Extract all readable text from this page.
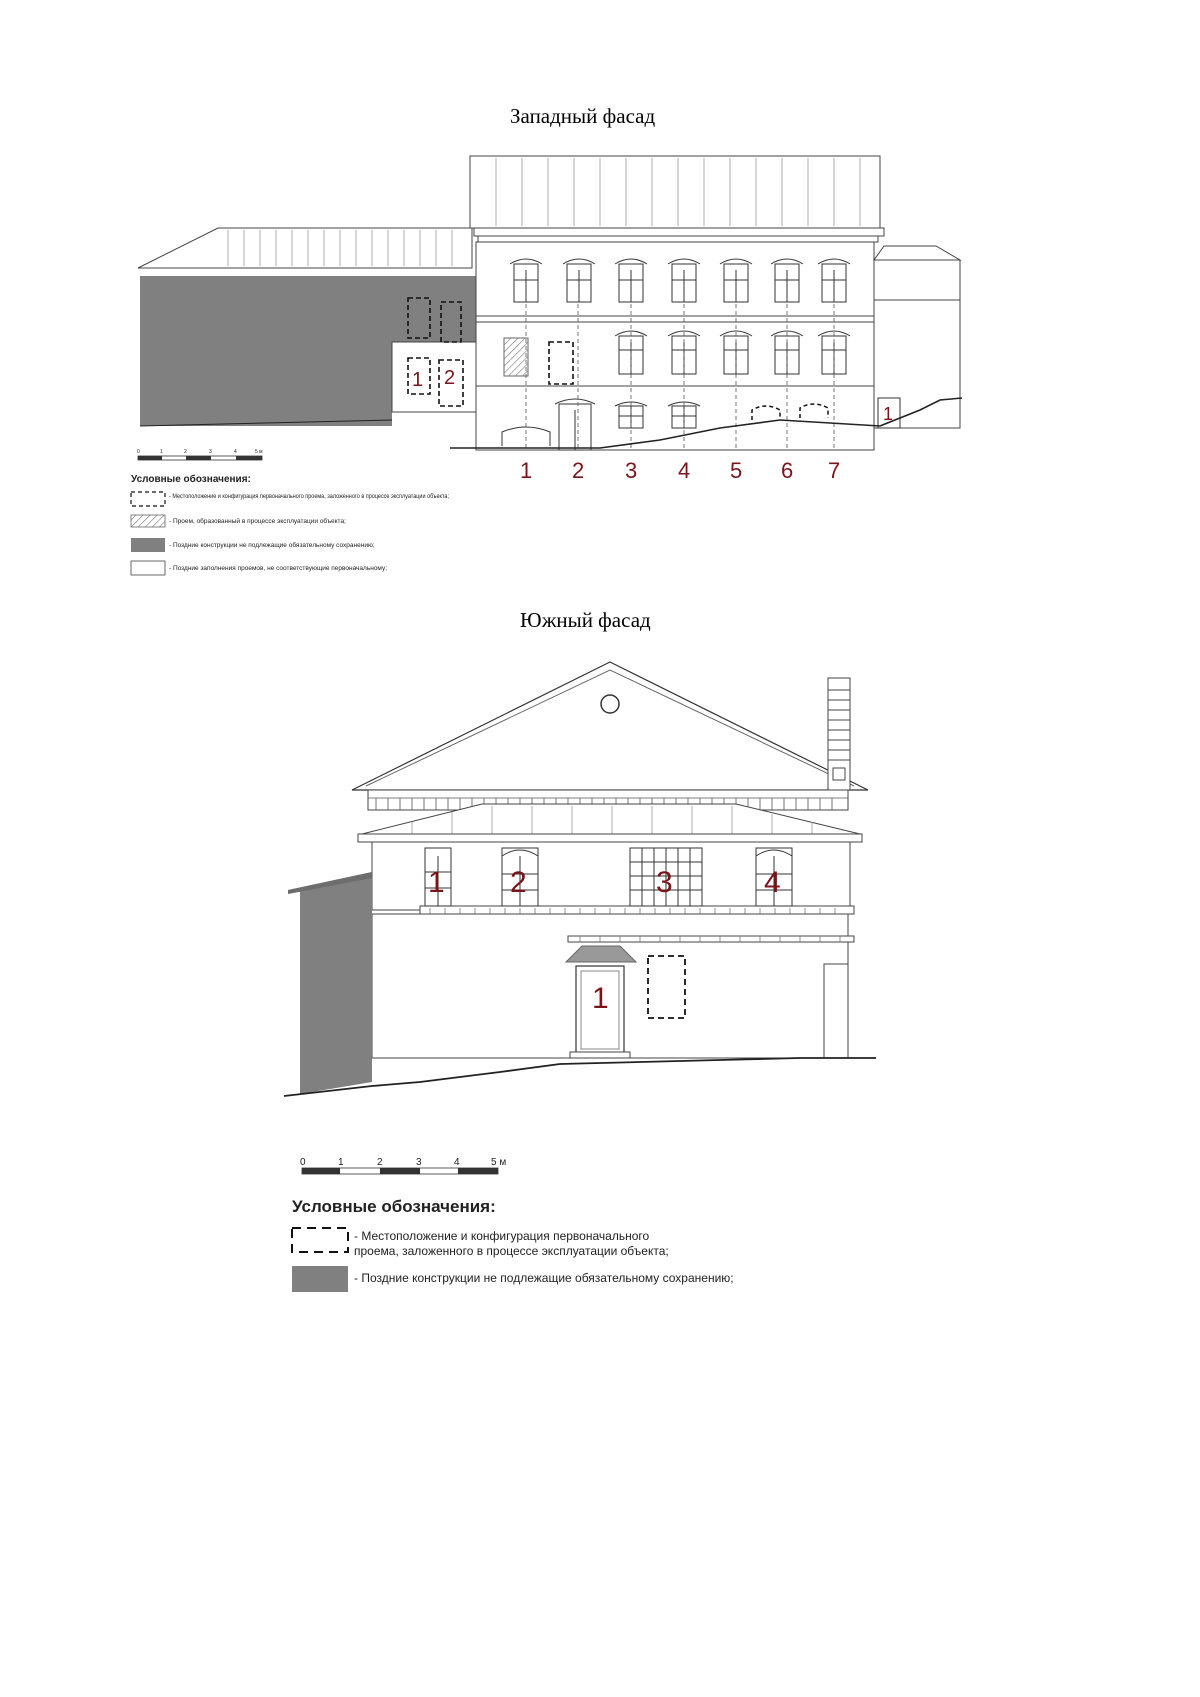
Западный фасад
Южный фасад
1 2 3 4 5 6 7
1 2
1
0	1	2	3	4	5 м
Условные обозначения:
- Местоположение и конфигурация первоначального проема, заложенного в процессе эксплуатации объекта;
- Проем, образованный в процессе эксплуатации объекта;
- Поздние конструкции не подлежащие обязательному сохранению;
- Поздние заполнения проемов, не соответствующие первоначальному;
1 2	3	4
1
0	1	2	3	4	5 м
Условные обозначения:
- Местоположение и конфигурация первоначального
проема, заложенного в процессе эксплуатации объекта;
- Поздние конструкции не подлежащие обязательному сохранению;
